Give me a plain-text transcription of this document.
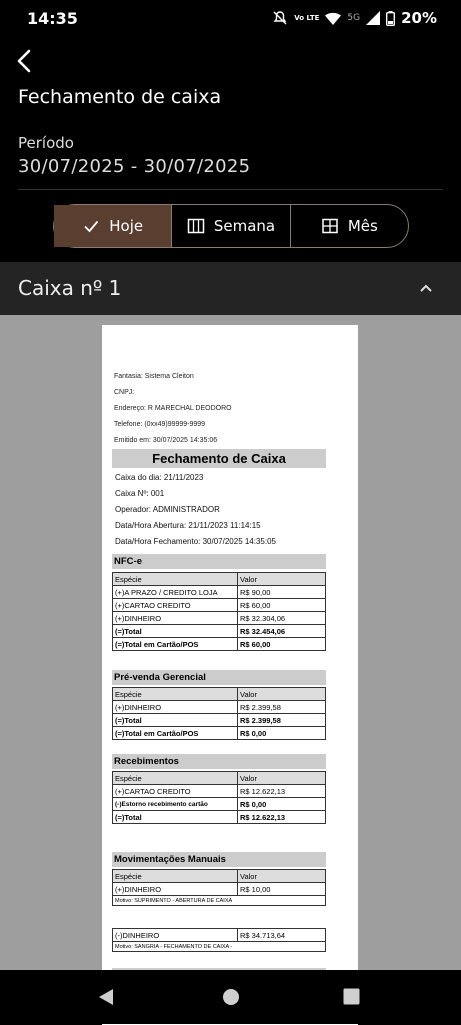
14:35	Vo LTE	5G	20%
Fechamento de caixa
Período
30/07/2025 - 30/07/2025
Hoje	Semana	Mês
Caixa nº 1
Fantasia: Sistema Cleiton
CNPJ:
Endereço: R MARECHAL DEODORO
Telefone: (0xx49)99999-9999
Emitido em: 30/07/2025 14:35:06
Fechamento de Caixa
Caixa do dia: 21/11/2023
Caixa Nº: 001
Operador: ADMINISTRADOR
Data/Hora Abertura: 21/11/2023 11:14:15
Data/Hora Fechamento: 30/07/2025 14:35:05
NFC-e
Espécie	Valor
(+)A PRAZO / CREDITO LOJA	R$ 90,00
(+)CARTAO CREDITO	R$ 60,00
(+)DINHEIRO	R$ 32.304,06
(=)Total	R$ 32.454,06
(=)Total em Cartão/POS	R$ 60,00
Pré-venda Gerencial
Espécie	Valor
(+)DINHEIRO	R$ 2.399,58
(=)Total	R$ 2.399,58
(=)Total em Cartão/POS	R$ 0,00
Recebimentos
Espécie	Valor
(+)CARTAO CREDITO	R$ 12.622,13
(-)Estorno recebimento cartão	R$ 0,00
(=)Total	R$ 12.622,13
Movimentações Manuais
Espécie	Valor
(+)DINHEIRO	R$ 10,00
Motivo: SUPRIMENTO - ABERTURA DE CAIXA	
(-)DINHEIRO	R$ 34.713,64
Motivo: SANGRIA - FECHAMENTO DE CAIXA -
